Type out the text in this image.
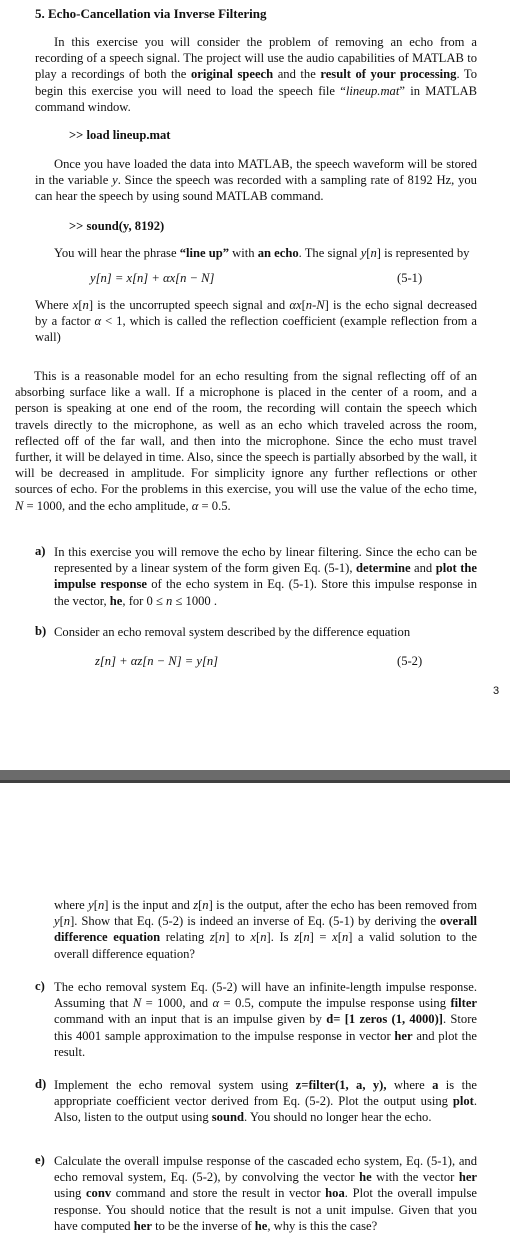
5. Echo-Cancellation via Inverse Filtering
In this exercise you will consider the problem of removing an echo from a recording of a speech signal. The project will use the audio capabilities of MATLAB to play a recordings of both the original speech and the result of your processing. To begin this exercise you will need to load the speech file “lineup.mat” in MATLAB command window.
>> load lineup.mat
Once you have loaded the data into MATLAB, the speech waveform will be stored in the variable y. Since the speech was recorded with a sampling rate of 8192 Hz, you can hear the speech by using sound MATLAB command.
>> sound(y, 8192)
You will hear the phrase “line up” with an echo. The signal y[n] is represented by
y[n] = x[n] + αx[n − N]	(5-1)
Where x[n] is the uncorrupted speech signal and αx[n-N] is the echo signal decreased by a factor α < 1, which is called the reflection coefficient (example reflection from a wall)
This is a reasonable model for an echo resulting from the signal reflecting off of an absorbing surface like a wall. If a microphone is placed in the center of a room, and a person is speaking at one end of the room, the recording will contain the speech which travels directly to the microphone, as well as an echo which traveled across the room, reflected off of the far wall, and then into the microphone. Since the echo must travel further, it will be delayed in time. Also, since the speech is partially absorbed by the wall, it will be decreased in amplitude. For simplicity ignore any further reflections or other sources of echo. For the problems in this exercise, you will use the value of the echo time, N = 1000, and the echo amplitude, α = 0.5.
a) In this exercise you will remove the echo by linear filtering. Since the echo can be represented by a linear system of the form given Eq. (5-1), determine and plot the impulse response of the echo system in Eq. (5-1). Store this impulse response in the vector, he, for 0 ≤ n ≤ 1000 .
b) Consider an echo removal system described by the difference equation
z[n] + αz[n − N] = y[n]	(5-2)
3
where y[n] is the input and z[n] is the output, after the echo has been removed from y[n]. Show that Eq. (5-2) is indeed an inverse of Eq. (5-1) by deriving the overall difference equation relating z[n] to x[n]. Is z[n] = x[n] a valid solution to the overall difference equation?
c) The echo removal system Eq. (5-2) will have an infinite-length impulse response. Assuming that N = 1000, and α = 0.5, compute the impulse response using filter command with an input that is an impulse given by d= [1 zeros (1, 4000)]. Store this 4001 sample approximation to the impulse response in vector her and plot the result.
d) Implement the echo removal system using z=filter(1, a, y), where a is the appropriate coefficient vector derived from Eq. (5-2). Plot the output using plot. Also, listen to the output using sound. You should no longer hear the echo.
e) Calculate the overall impulse response of the cascaded echo system, Eq. (5-1), and echo removal system, Eq. (5-2), by convolving the vector he with the vector her using conv command and store the result in vector hoa. Plot the overall impulse response. You should notice that the result is not a unit impulse. Given that you have computed her to be the inverse of he, why is this the case?
